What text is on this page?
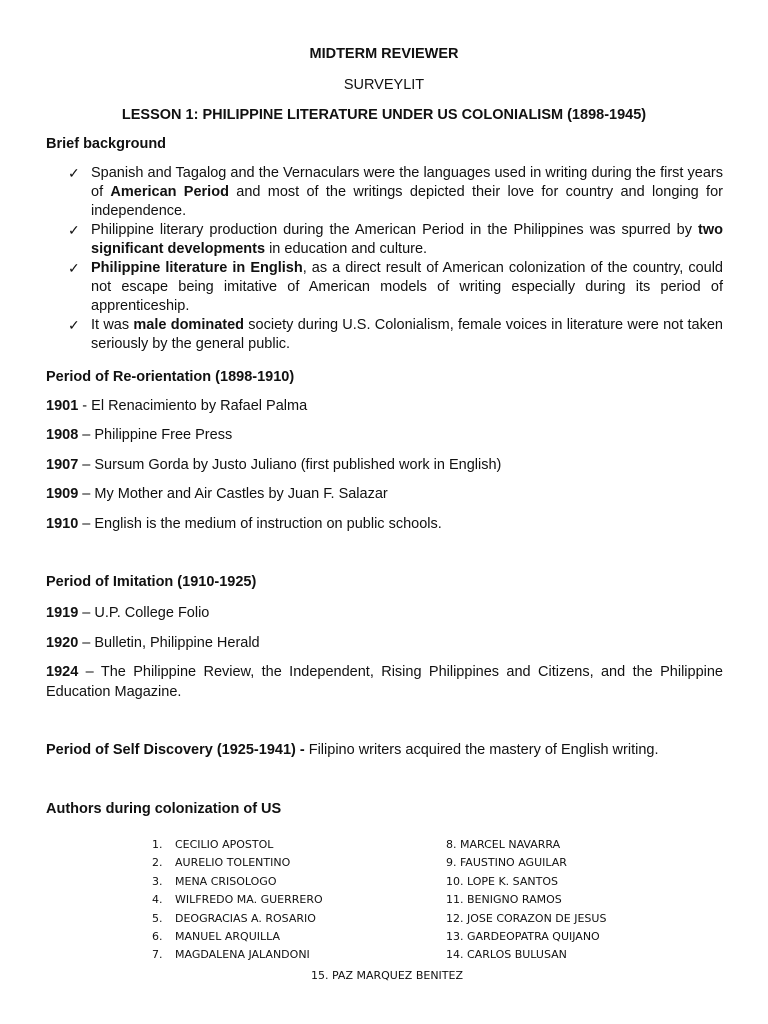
MIDTERM REVIEWER
SURVEYLIT
LESSON 1: PHILIPPINE LITERATURE UNDER US COLONIALISM (1898-1945)
Brief background
✓ Spanish and Tagalog and the Vernaculars were the languages used in writing during the first years of American Period and most of the writings depicted their love for country and longing for independence.
✓ Philippine literary production during the American Period in the Philippines was spurred by two significant developments in education and culture.
✓ Philippine literature in English, as a direct result of American colonization of the country, could not escape being imitative of American models of writing especially during its period of apprenticeship.
✓ It was male dominated society during U.S. Colonialism, female voices in literature were not taken seriously by the general public.
Period of Re-orientation (1898-1910)
1901 - El Renacimiento by Rafael Palma
1908 – Philippine Free Press
1907 – Sursum Gorda by Justo Juliano (first published work in English)
1909 – My Mother and Air Castles by Juan F. Salazar
1910 – English is the medium of instruction on public schools.
Period of Imitation (1910-1925)
1919 – U.P. College Folio
1920 – Bulletin, Philippine Herald
1924 – The Philippine Review, the Independent, Rising Philippines and Citizens, and the Philippine Education Magazine.
Period of Self Discovery (1925-1941) - Filipino writers acquired the mastery of English writing.
Authors during colonization of US
1. CECILIO APOSTOL
2. AURELIO TOLENTINO
3. MENA CRISOLOGO
4. WILFREDO MA. GUERRERO
5. DEOGRACIAS A. ROSARIO
6. MANUEL ARQUILLA
7. MAGDALENA JALANDONI
8. MARCEL NAVARRA
9. FAUSTINO AGUILAR
10. LOPE K. SANTOS
11. BENIGNO RAMOS
12. JOSE CORAZON DE JESUS
13. GARDEOPATRA QUIJANO
14. CARLOS BULUSAN
15. PAZ MARQUEZ BENITEZ
